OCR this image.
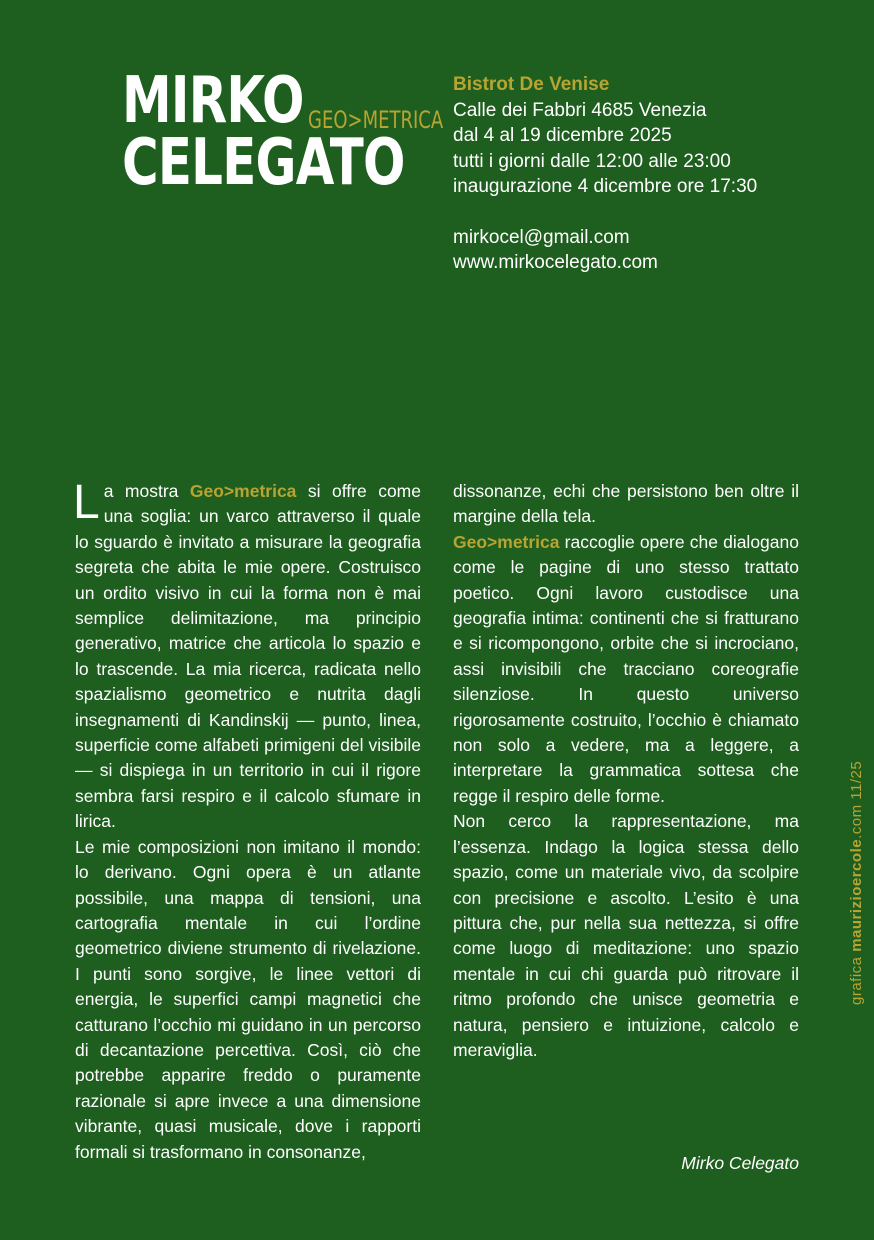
MIRKO
CELEGATO
GEO>METRICA
Bistrot De Venise
Calle dei Fabbri 4685 Venezia
dal 4 al 19 dicembre 2025
tutti i giorni dalle 12:00 alle 23:00
inaugurazione 4 dicembre ore 17:30
mirkocel@gmail.com
www.mirkocelegato.com

La mostra Geo>metrica si offre come una soglia: un varco attraverso il quale lo sguardo è invitato a misurare la geografia segreta che abita le mie opere. Costruisco un ordito visivo in cui la forma non è mai semplice delimitazione, ma principio generativo, matrice che articola lo spazio e lo trascende. La mia ricerca, radicata nello spazialismo geometrico e nutrita dagli insegnamenti di Kandinskij — punto, linea, superficie come alfabeti primigeni del visibile — si dispiega in un territorio in cui il rigore sembra farsi respiro e il calcolo sfumare in lirica.

Le mie composizioni non imitano il mondo: lo derivano. Ogni opera è un atlante possibile, una mappa di tensioni, una cartografia mentale in cui l’ordine geometrico diviene strumento di rivelazione. I punti sono sorgive, le linee vettori di energia, le superfici campi magnetici che catturano l’occhio mi guidano in un percorso di decantazione percettiva. Così, ciò che potrebbe apparire freddo o puramente razionale si apre invece a una dimensione vibrante, quasi musicale, dove i rapporti formali si trasformano in consonanze,

dissonanze, echi che persistono ben oltre il margine della tela.

Geo>metrica raccoglie opere che dialogano come le pagine di uno stesso trattato poetico. Ogni lavoro custodisce una geografia intima: continenti che si fratturano e si ricompongono, orbite che si incrociano, assi invisibili che tracciano coreografie silenziose. In questo universo rigorosamente costruito, l’occhio è chiamato non solo a vedere, ma a leggere, a interpretare la grammatica sottesa che regge il respiro delle forme.

Non cerco la rappresentazione, ma l’essenza. Indago la logica stessa dello spazio, come un materiale vivo, da scolpire con precisione e ascolto. L’esito è una pittura che, pur nella sua nettezza, si offre come luogo di meditazione: uno spazio mentale in cui chi guarda può ritrovare il ritmo profondo che unisce geometria e natura, pensiero e intuizione, calcolo e meraviglia.

Mirko Celegato
grafica maurizioercole.com 11/25
